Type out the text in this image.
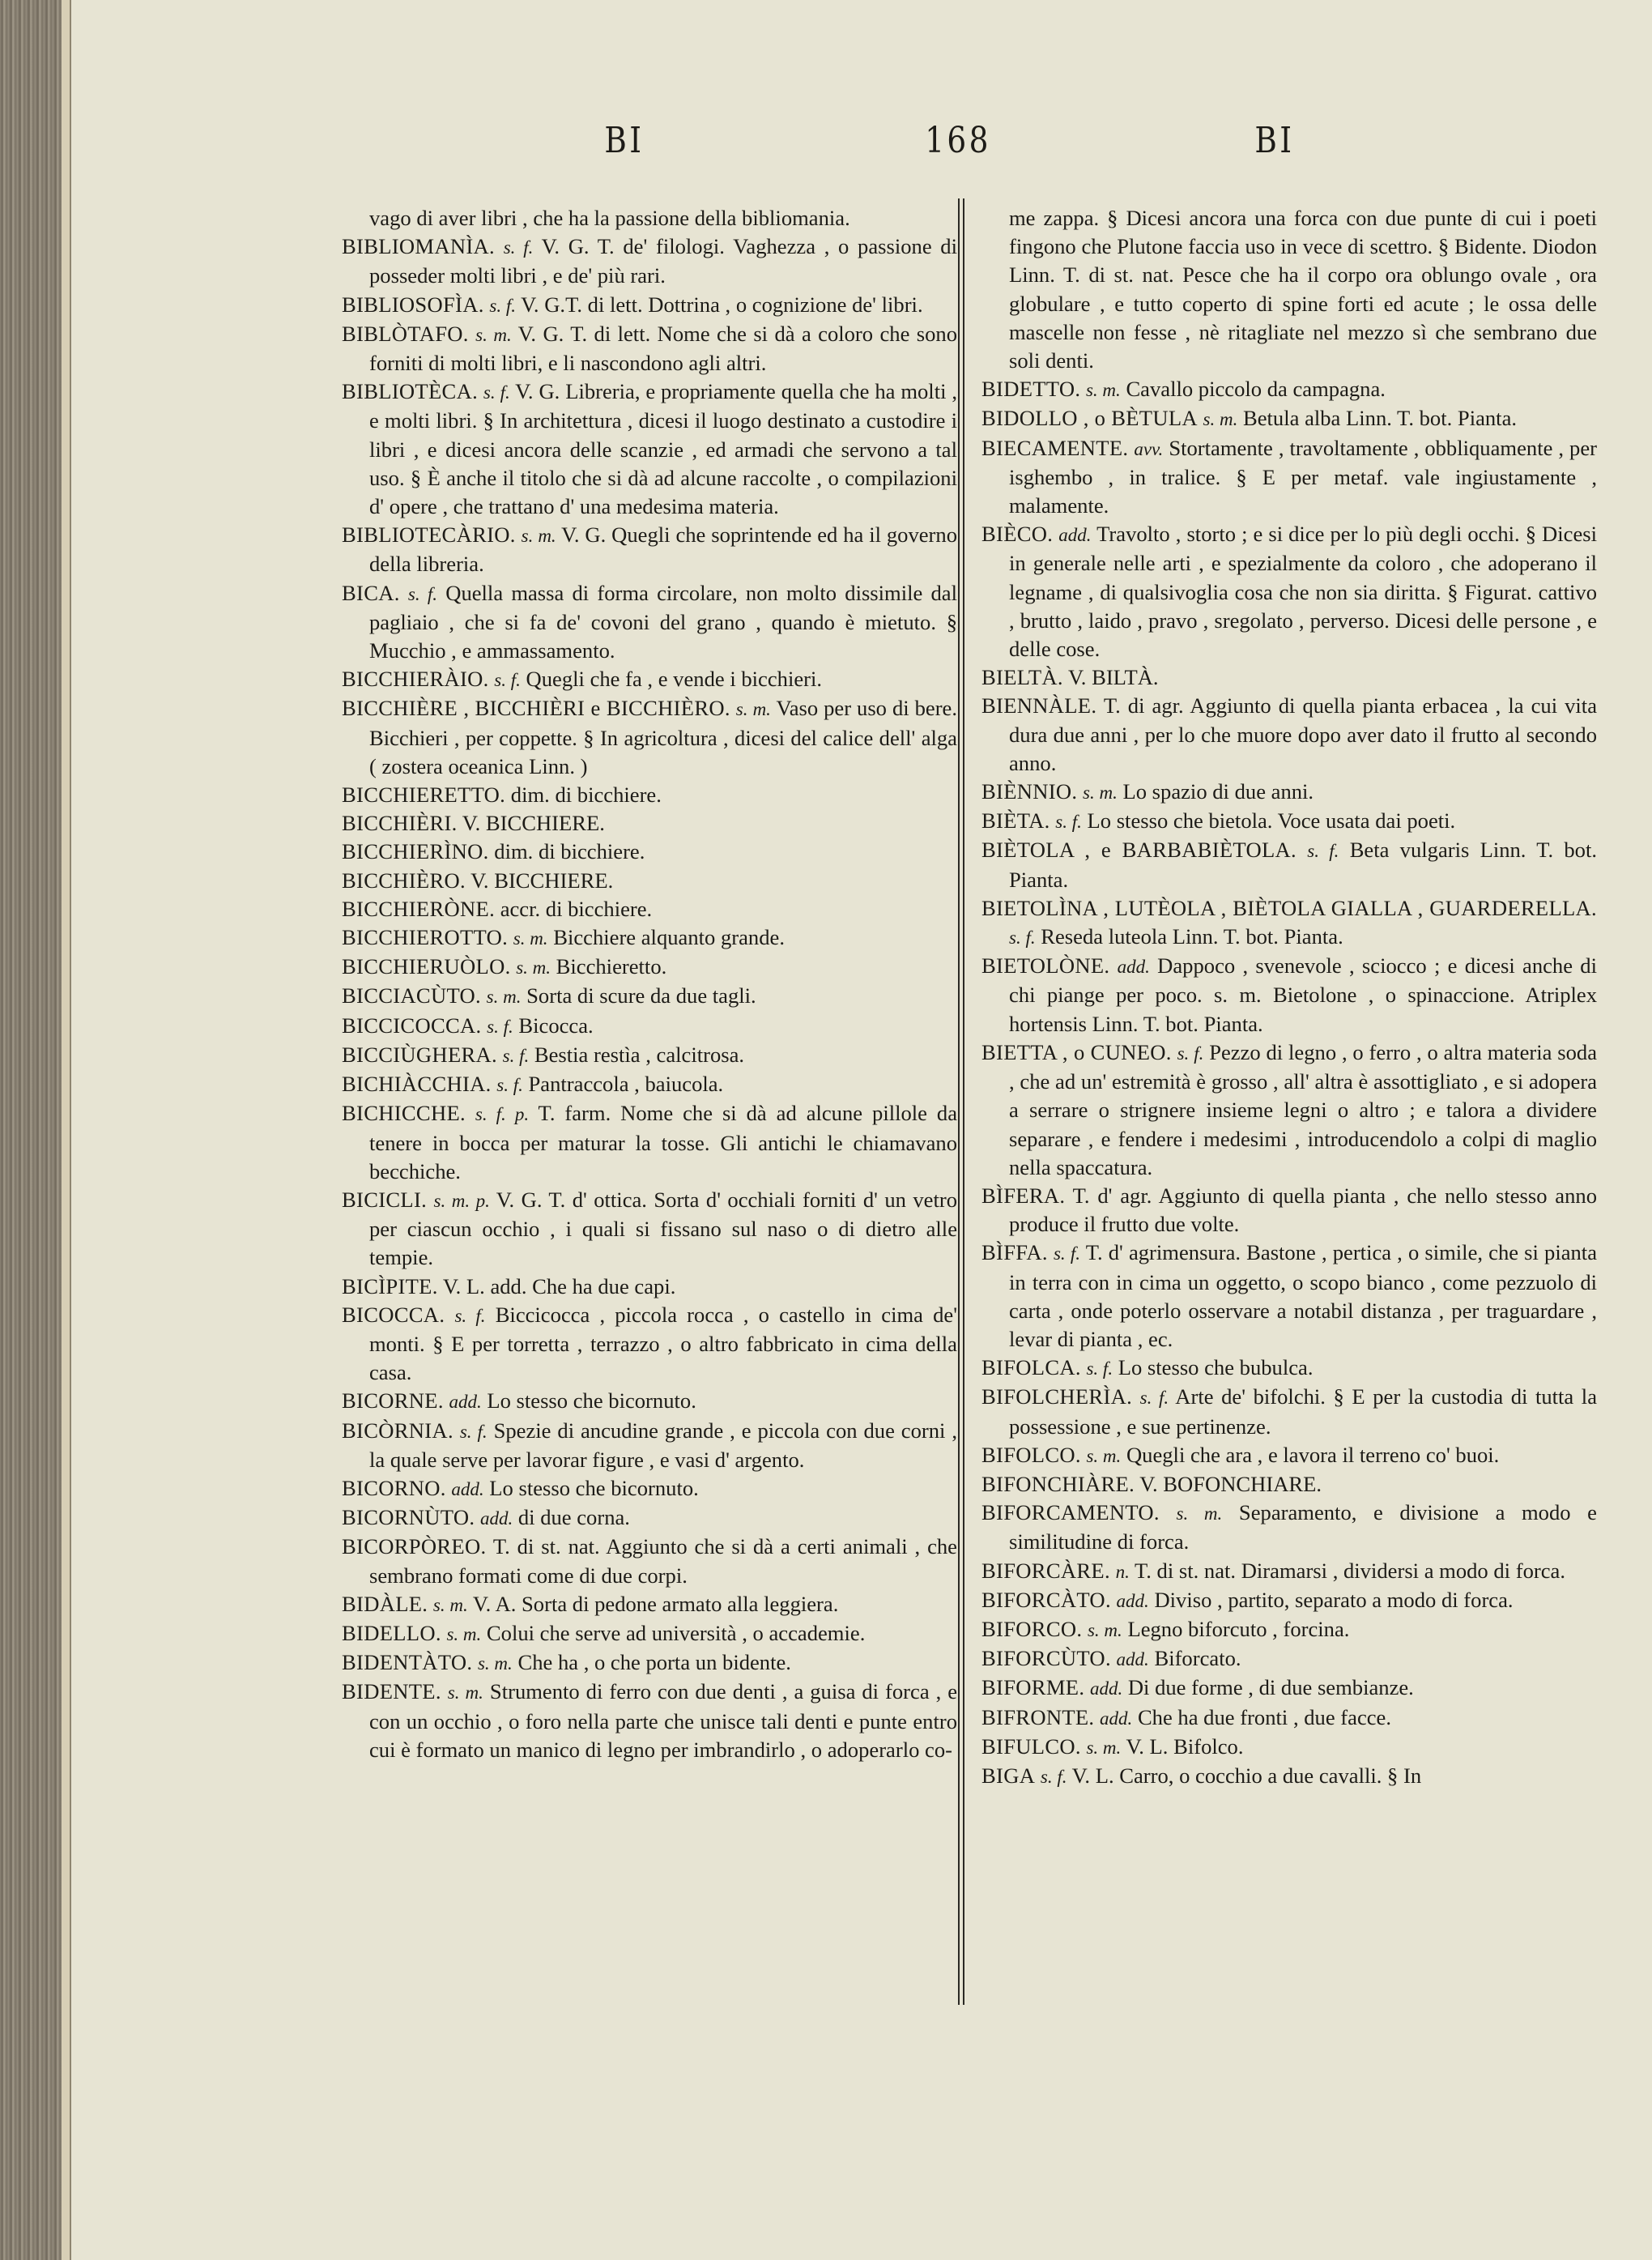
BI	168	BI

vago di aver libri , che ha la passione della bibliomania.

BIBLIOMANÌA. s. f. V. G. T. de' filologi. Vaghezza , o passione di posseder molti libri , e de' più rari.

BIBLIOSOFÌA. s. f. V. G.T. di lett. Dottrina , o cognizione de' libri.

BIBLÒTAFO. s. m. V. G. T. di lett. Nome che si dà a coloro che sono forniti di molti libri, e li nascondono agli altri.

BIBLIOTÈCA. s. f. V. G. Libreria, e propriamente quella che ha molti , e molti libri. § In architettura , dicesi il luogo destinato a custodire i libri , e dicesi ancora delle scanzie , ed armadi che servono a tal uso. § È anche il titolo che si dà ad alcune raccolte , o compilazioni d' opere , che trattano d' una medesima materia.

BIBLIOTECÀRIO. s. m. V. G. Quegli che soprintende ed ha il governo della libreria.

BICA. s. f. Quella massa di forma circolare, non molto dissimile dal pagliaio , che si fa de' covoni del grano , quando è mietuto. § Mucchio , e ammassamento.

BICCHIERÀIO. s. f. Quegli che fa , e vende i bicchieri.

BICCHIÈRE , BICCHIÈRI e BICCHIÈRO. s. m. Vaso per uso di bere. Bicchieri , per coppette. § In agricoltura , dicesi del calice dell' alga ( zostera oceanica Linn. )

BICCHIERETTO. dim. di bicchiere.

BICCHIÈRI. V. BICCHIERE.

BICCHIERÌNO. dim. di bicchiere.

BICCHIÈRO. V. BICCHIERE.

BICCHIERÒNE. accr. di bicchiere.

BICCHIEROTTO. s. m. Bicchiere alquanto grande.

BICCHIERUÒLO. s. m. Bicchieretto.

BICCIACÙTO. s. m. Sorta di scure da due tagli.

BICCICOCCA. s. f. Bicocca.

BICCIÙGHERA. s. f. Bestia restìa , calcitrosa.

BICHIÀCCHIA. s. f. Pantraccola , baiucola.

BICHICCHE. s. f. p. T. farm. Nome che si dà ad alcune pillole da tenere in bocca per maturar la tosse. Gli antichi le chiamavano becchiche.

BICICLI. s. m. p. V. G. T. d' ottica. Sorta d' occhiali forniti d' un vetro per ciascun occhio , i quali si fissano sul naso o di dietro alle tempie.

BICÌPITE. V. L. add. Che ha due capi.

BICOCCA. s. f. Biccicocca , piccola rocca , o castello in cima de' monti. § E per torretta , terrazzo , o altro fabbricato in cima della casa.

BICORNE. add. Lo stesso che bicornuto.

BICÒRNIA. s. f. Spezie di ancudine grande , e piccola con due corni , la quale serve per lavorar figure , e vasi d' argento.

BICORNO. add. Lo stesso che bicornuto.

BICORNÙTO. add. di due corna.

BICORPÒREO. T. di st. nat. Aggiunto che si dà a certi animali , che sembrano formati come di due corpi.

BIDÀLE. s. m. V. A. Sorta di pedone armato alla leggiera.

BIDELLO. s. m. Colui che serve ad università , o accademie.

BIDENTÀTO. s. m. Che ha , o che porta un bidente.

BIDENTE. s. m. Strumento di ferro con due denti , a guisa di forca , e con un occhio , o foro nella parte che unisce tali denti e punte entro cui è formato un manico di legno per imbrandirlo , o adoperarlo co-

me zappa. § Dicesi ancora una forca con due punte di cui i poeti fingono che Plutone faccia uso in vece di scettro. § Bidente. Diodon Linn. T. di st. nat. Pesce che ha il corpo ora oblungo ovale , ora globulare , e tutto coperto di spine forti ed acute ; le ossa delle mascelle non fesse , nè ritagliate nel mezzo sì che sembrano due soli denti.

BIDETTO. s. m. Cavallo piccolo da campagna.

BIDOLLO , o BÈTULA s. m. Betula alba Linn. T. bot. Pianta.

BIECAMENTE. avv. Stortamente , travoltamente , obbliquamente , per isghembo , in tralice. § E per metaf. vale ingiustamente , malamente.

BIÈCO. add. Travolto , storto ; e si dice per lo più degli occhi. § Dicesi in generale nelle arti , e spezialmente da coloro , che adoperano il legname , di qualsivoglia cosa che non sia diritta. § Figurat. cattivo , brutto , laido , pravo , sregolato , perverso. Dicesi delle persone , e delle cose.

BIELTÀ. V. BILTÀ.

BIENNÀLE. T. di agr. Aggiunto di quella pianta erbacea , la cui vita dura due anni , per lo che muore dopo aver dato il frutto al secondo anno.

BIÈNNIO. s. m. Lo spazio di due anni.

BIÈTA. s. f. Lo stesso che bietola. Voce usata dai poeti.

BIÈTOLA , e BARBABIÈTOLA. s. f. Beta vulgaris Linn. T. bot. Pianta.

BIETOLÌNA , LUTÈOLA , BIÈTOLA GIALLA , GUARDERELLA. s. f. Reseda luteola Linn. T. bot. Pianta.

BIETOLÒNE. add. Dappoco , svenevole , sciocco ; e dicesi anche di chi piange per poco. s. m. Bietolone , o spinaccione. Atriplex hortensis Linn. T. bot. Pianta.

BIETTA , o CUNEO. s. f. Pezzo di legno , o ferro , o altra materia soda , che ad un' estremità è grosso , all' altra è assottigliato , e si adopera a serrare o strignere insieme legni o altro ; e talora a dividere separare , e fendere i medesimi , introducendolo a colpi di maglio nella spaccatura.

BÌFERA. T. d' agr. Aggiunto di quella pianta , che nello stesso anno produce il frutto due volte.

BÌFFA. s. f. T. d' agrimensura. Bastone , pertica , o simile, che si pianta in terra con in cima un oggetto, o scopo bianco , come pezzuolo di carta , onde poterlo osservare a notabil distanza , per traguardare , levar di pianta , ec.

BIFOLCA. s. f. Lo stesso che bubulca.

BIFOLCHERÌA. s. f. Arte de' bifolchi. § E per la custodia di tutta la possessione , e sue pertinenze.

BIFOLCO. s. m. Quegli che ara , e lavora il terreno co' buoi.

BIFONCHIÀRE. V. BOFONCHIARE.

BIFORCAMENTO. s. m. Separamento, e divisione a modo e similitudine di forca.

BIFORCÀRE. n. T. di st. nat. Diramarsi , dividersi a modo di forca.

BIFORCÀTO. add. Diviso , partito, separato a modo di forca.

BIFORCO. s. m. Legno biforcuto , forcina.

BIFORCÙTO. add. Biforcato.

BIFORME. add. Di due forme , di due sembianze.

BIFRONTE. add. Che ha due fronti , due facce.

BIFULCO. s. m. V. L. Bifolco.

BIGA s. f. V. L. Carro, o cocchio a due cavalli. § In
